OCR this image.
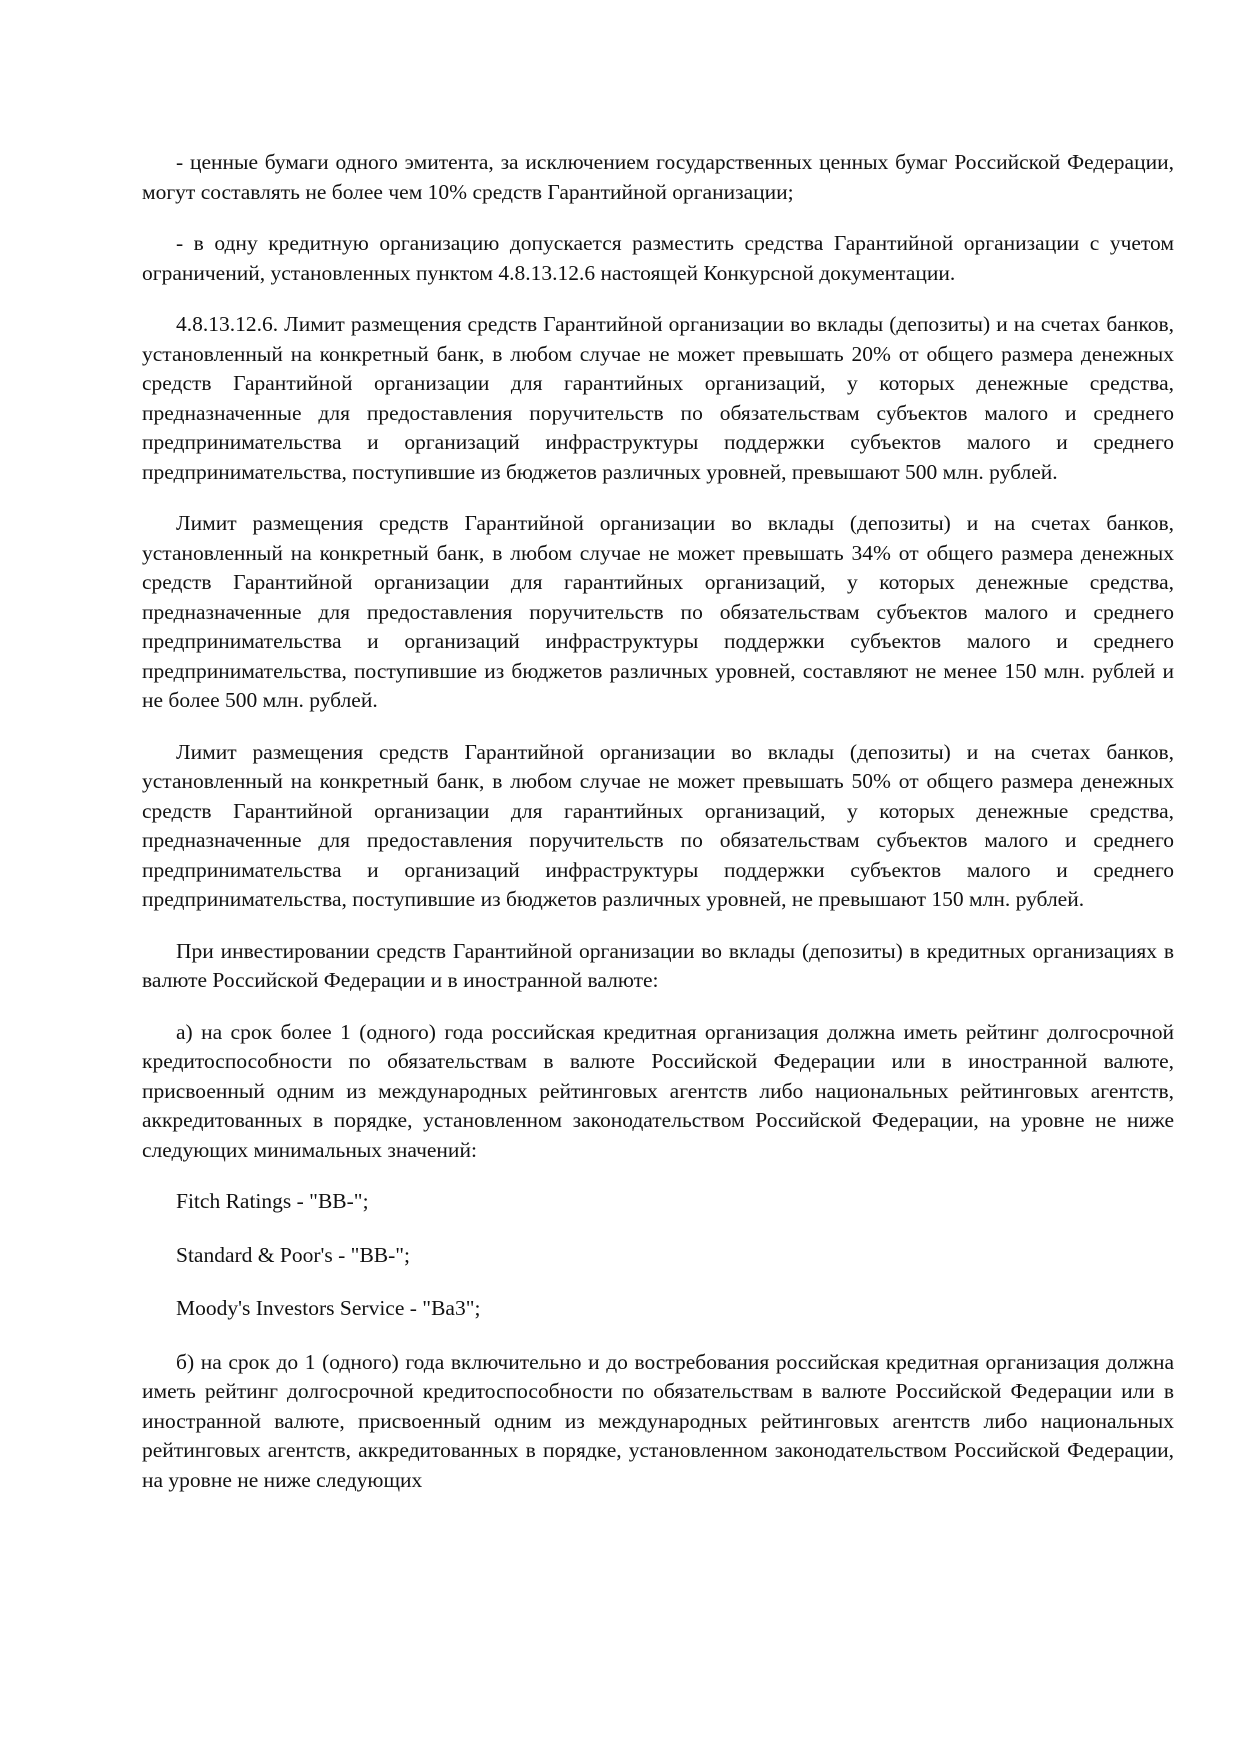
- ценные бумаги одного эмитента, за исключением государственных ценных бумаг Российской Федерации, могут составлять не более чем 10% средств Гарантийной организации;

- в одну кредитную организацию допускается разместить средства Гарантийной организации с учетом ограничений, установленных пунктом 4.8.13.12.6 настоящей Конкурсной документации.

4.8.13.12.6. Лимит размещения средств Гарантийной организации во вклады (депозиты) и на счетах банков, установленный на конкретный банк, в любом случае не может превышать 20% от общего размера денежных средств Гарантийной организации для гарантийных организаций, у которых денежные средства, предназначенные для предоставления поручительств по обязательствам субъектов малого и среднего предпринимательства и организаций инфраструктуры поддержки субъектов малого и среднего предпринимательства, поступившие из бюджетов различных уровней, превышают 500 млн. рублей.

Лимит размещения средств Гарантийной организации во вклады (депозиты) и на счетах банков, установленный на конкретный банк, в любом случае не может превышать 34% от общего размера денежных средств Гарантийной организации для гарантийных организаций, у которых денежные средства, предназначенные для предоставления поручительств по обязательствам субъектов малого и среднего предпринимательства и организаций инфраструктуры поддержки субъектов малого и среднего предпринимательства, поступившие из бюджетов различных уровней, составляют не менее 150 млн. рублей и не более 500 млн. рублей.

Лимит размещения средств Гарантийной организации во вклады (депозиты) и на счетах банков, установленный на конкретный банк, в любом случае не может превышать 50% от общего размера денежных средств Гарантийной организации для гарантийных организаций, у которых денежные средства, предназначенные для предоставления поручительств по обязательствам субъектов малого и среднего предпринимательства и организаций инфраструктуры поддержки субъектов малого и среднего предпринимательства, поступившие из бюджетов различных уровней, не превышают 150 млн. рублей.

При инвестировании средств Гарантийной организации во вклады (депозиты) в кредитных организациях в валюте Российской Федерации и в иностранной валюте:

а) на срок более 1 (одного) года российская кредитная организация должна иметь рейтинг долгосрочной кредитоспособности по обязательствам в валюте Российской Федерации или в иностранной валюте, присвоенный одним из международных рейтинговых агентств либо национальных рейтинговых агентств, аккредитованных в порядке, установленном законодательством Российской Федерации, на уровне не ниже следующих минимальных значений:

Fitch Ratings - "BB-";

Standard & Poor's - "BB-";

Moody's Investors Service - "Ba3";

б) на срок до 1 (одного) года включительно и до востребования российская кредитная организация должна иметь рейтинг долгосрочной кредитоспособности по обязательствам в валюте Российской Федерации или в иностранной валюте, присвоенный одним из международных рейтинговых агентств либо национальных рейтинговых агентств, аккредитованных в порядке, установленном законодательством Российской Федерации, на уровне не ниже следующих
